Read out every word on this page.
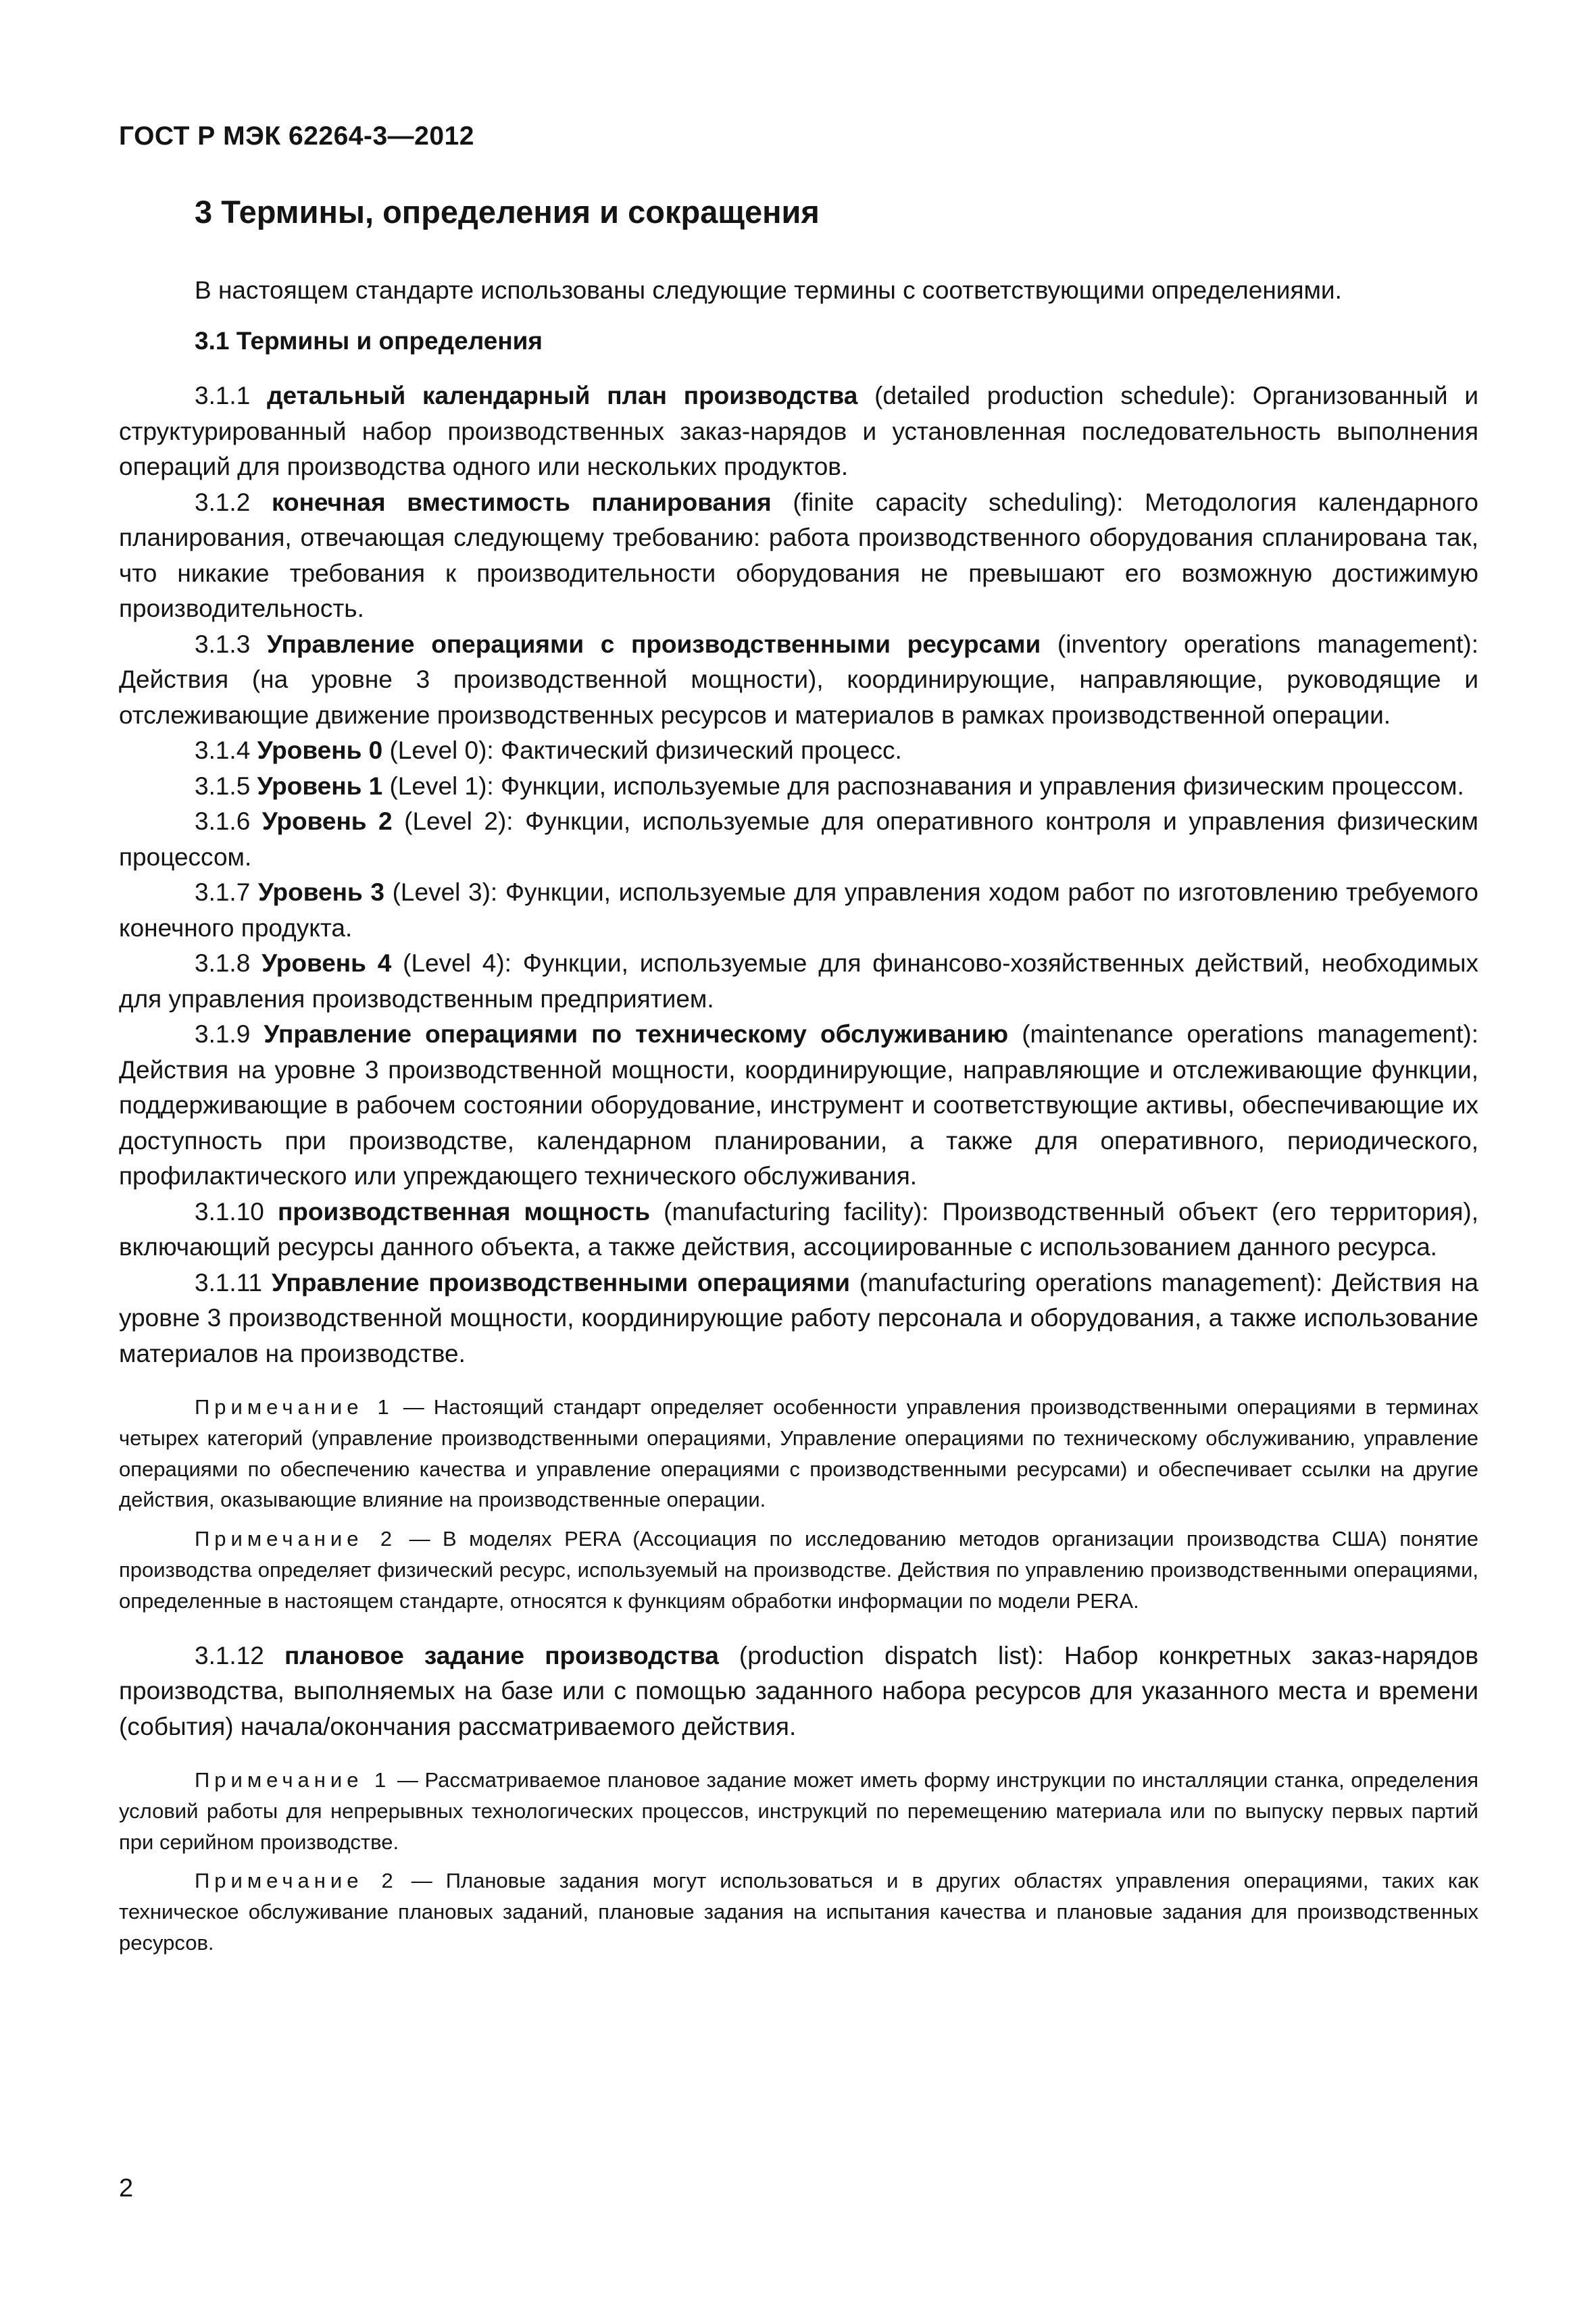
ГОСТ Р МЭК 62264-3—2012
3 Термины, определения и сокращения

В настоящем стандарте использованы следующие термины с соответствующими определениями.

3.1 Термины и определения

3.1.1 детальный календарный план производства (detailed production schedule): Организованный и структурированный набор производственных заказ-нарядов и установленная последовательность выполнения операций для производства одного или нескольких продуктов.

3.1.2 конечная вместимость планирования (finite capacity scheduling): Методология календарного планирования, отвечающая следующему требованию: работа производственного оборудования спланирована так, что никакие требования к производительности оборудования не превышают его возможную достижимую производительность.

3.1.3 Управление операциями с производственными ресурсами (inventory operations management): Действия (на уровне 3 производственной мощности), координирующие, направляющие, руководящие и отслеживающие движение производственных ресурсов и материалов в рамках производственной операции.

3.1.4 Уровень 0 (Level 0): Фактический физический процесс.

3.1.5 Уровень 1 (Level 1): Функции, используемые для распознавания и управления физическим процессом.

3.1.6 Уровень 2 (Level 2): Функции, используемые для оперативного контроля и управления физическим процессом.

3.1.7 Уровень 3 (Level 3): Функции, используемые для управления ходом работ по изготовлению требуемого конечного продукта.

3.1.8 Уровень 4 (Level 4): Функции, используемые для финансово-хозяйственных действий, необходимых для управления производственным предприятием.

3.1.9 Управление операциями по техническому обслуживанию (maintenance operations management): Действия на уровне 3 производственной мощности, координирующие, направляющие и отслеживающие функции, поддерживающие в рабочем состоянии оборудование, инструмент и соответствующие активы, обеспечивающие их доступность при производстве, календарном планировании, а также для оперативного, периодического, профилактического или упреждающего технического обслуживания.

3.1.10 производственная мощность (manufacturing facility): Производственный объект (его территория), включающий ресурсы данного объекта, а также действия, ассоциированные с использованием данного ресурса.

3.1.11 Управление производственными операциями (manufacturing operations management): Действия на уровне 3 производственной мощности, координирующие работу персонала и оборудования, а также использование материалов на производстве.

Примечание 1 — Настоящий стандарт определяет особенности управления производственными операциями в терминах четырех категорий (управление производственными операциями, Управление операциями по техническому обслуживанию, управление операциями по обеспечению качества и управление операциями с производственными ресурсами) и обеспечивает ссылки на другие действия, оказывающие влияние на производственные операции.

Примечание 2 — В моделях PERA (Ассоциация по исследованию методов организации производства США) понятие производства определяет физический ресурс, используемый на производстве. Действия по управлению производственными операциями, определенные в настоящем стандарте, относятся к функциям обработки информации по модели PERA.

3.1.12 плановое задание производства (production dispatch list): Набор конкретных заказ-нарядов производства, выполняемых на базе или с помощью заданного набора ресурсов для указанного места и времени (события) начала/окончания рассматриваемого действия.

Примечание 1 — Рассматриваемое плановое задание может иметь форму инструкции по инсталляции станка, определения условий работы для непрерывных технологических процессов, инструкций по перемещению материала или по выпуску первых партий при серийном производстве.

Примечание 2 — Плановые задания могут использоваться и в других областях управления операциями, таких как техническое обслуживание плановых заданий, плановые задания на испытания качества и плановые задания для производственных ресурсов.

2
